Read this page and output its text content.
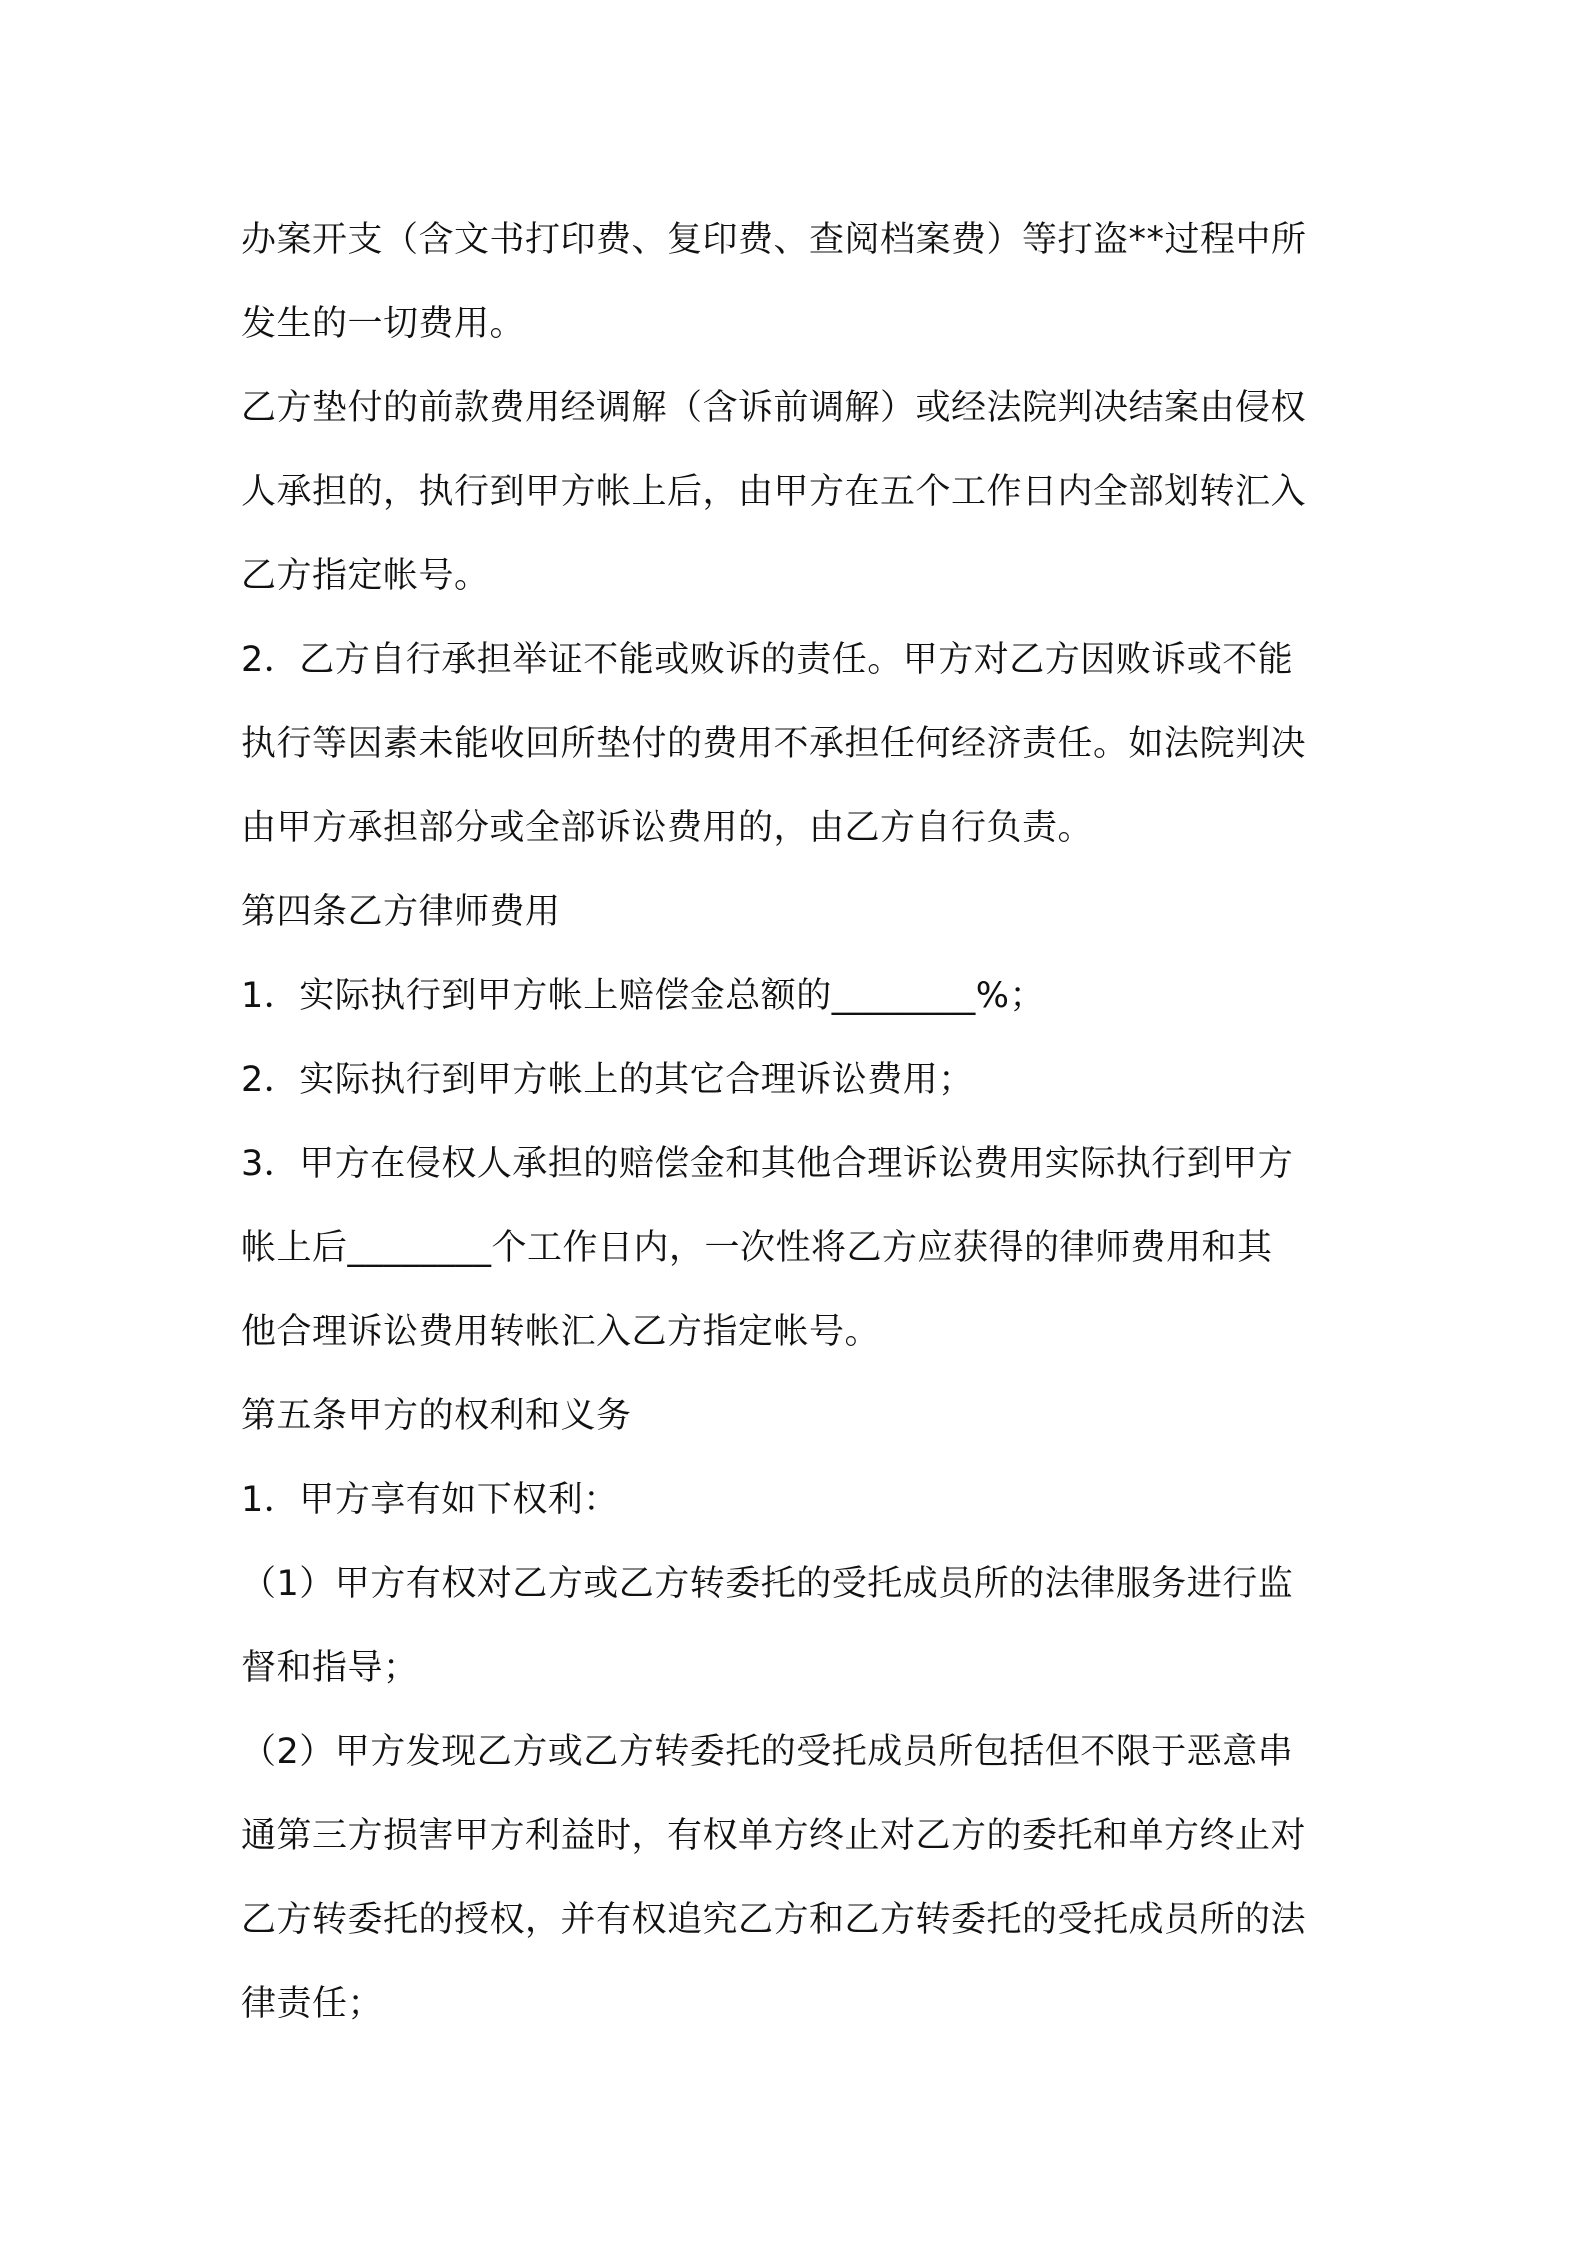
办案开支（含文书打印费、复印费、查阅档案费）等打盗**过程中所
发生的一切费用。
乙方垫付的前款费用经调解（含诉前调解）或经法院判决结案由侵权
人承担的，执行到甲方帐上后，由甲方在五个工作日内全部划转汇入
乙方指定帐号。
2．乙方自行承担举证不能或败诉的责任。甲方对乙方因败诉或不能
执行等因素未能收回所垫付的费用不承担任何经济责任。如法院判决
由甲方承担部分或全部诉讼费用的，由乙方自行负责。
第四条乙方律师费用
1．实际执行到甲方帐上赔偿金总额的________%；
2．实际执行到甲方帐上的其它合理诉讼费用；
3．甲方在侵权人承担的赔偿金和其他合理诉讼费用实际执行到甲方
帐上后________个工作日内，一次性将乙方应获得的律师费用和其
他合理诉讼费用转帐汇入乙方指定帐号。
第五条甲方的权利和义务
1．甲方享有如下权利：
（1）甲方有权对乙方或乙方转委托的受托成员所的法律服务进行监
督和指导；
（2）甲方发现乙方或乙方转委托的受托成员所包括但不限于恶意串
通第三方损害甲方利益时，有权单方终止对乙方的委托和单方终止对
乙方转委托的授权，并有权追究乙方和乙方转委托的受托成员所的法
律责任；
